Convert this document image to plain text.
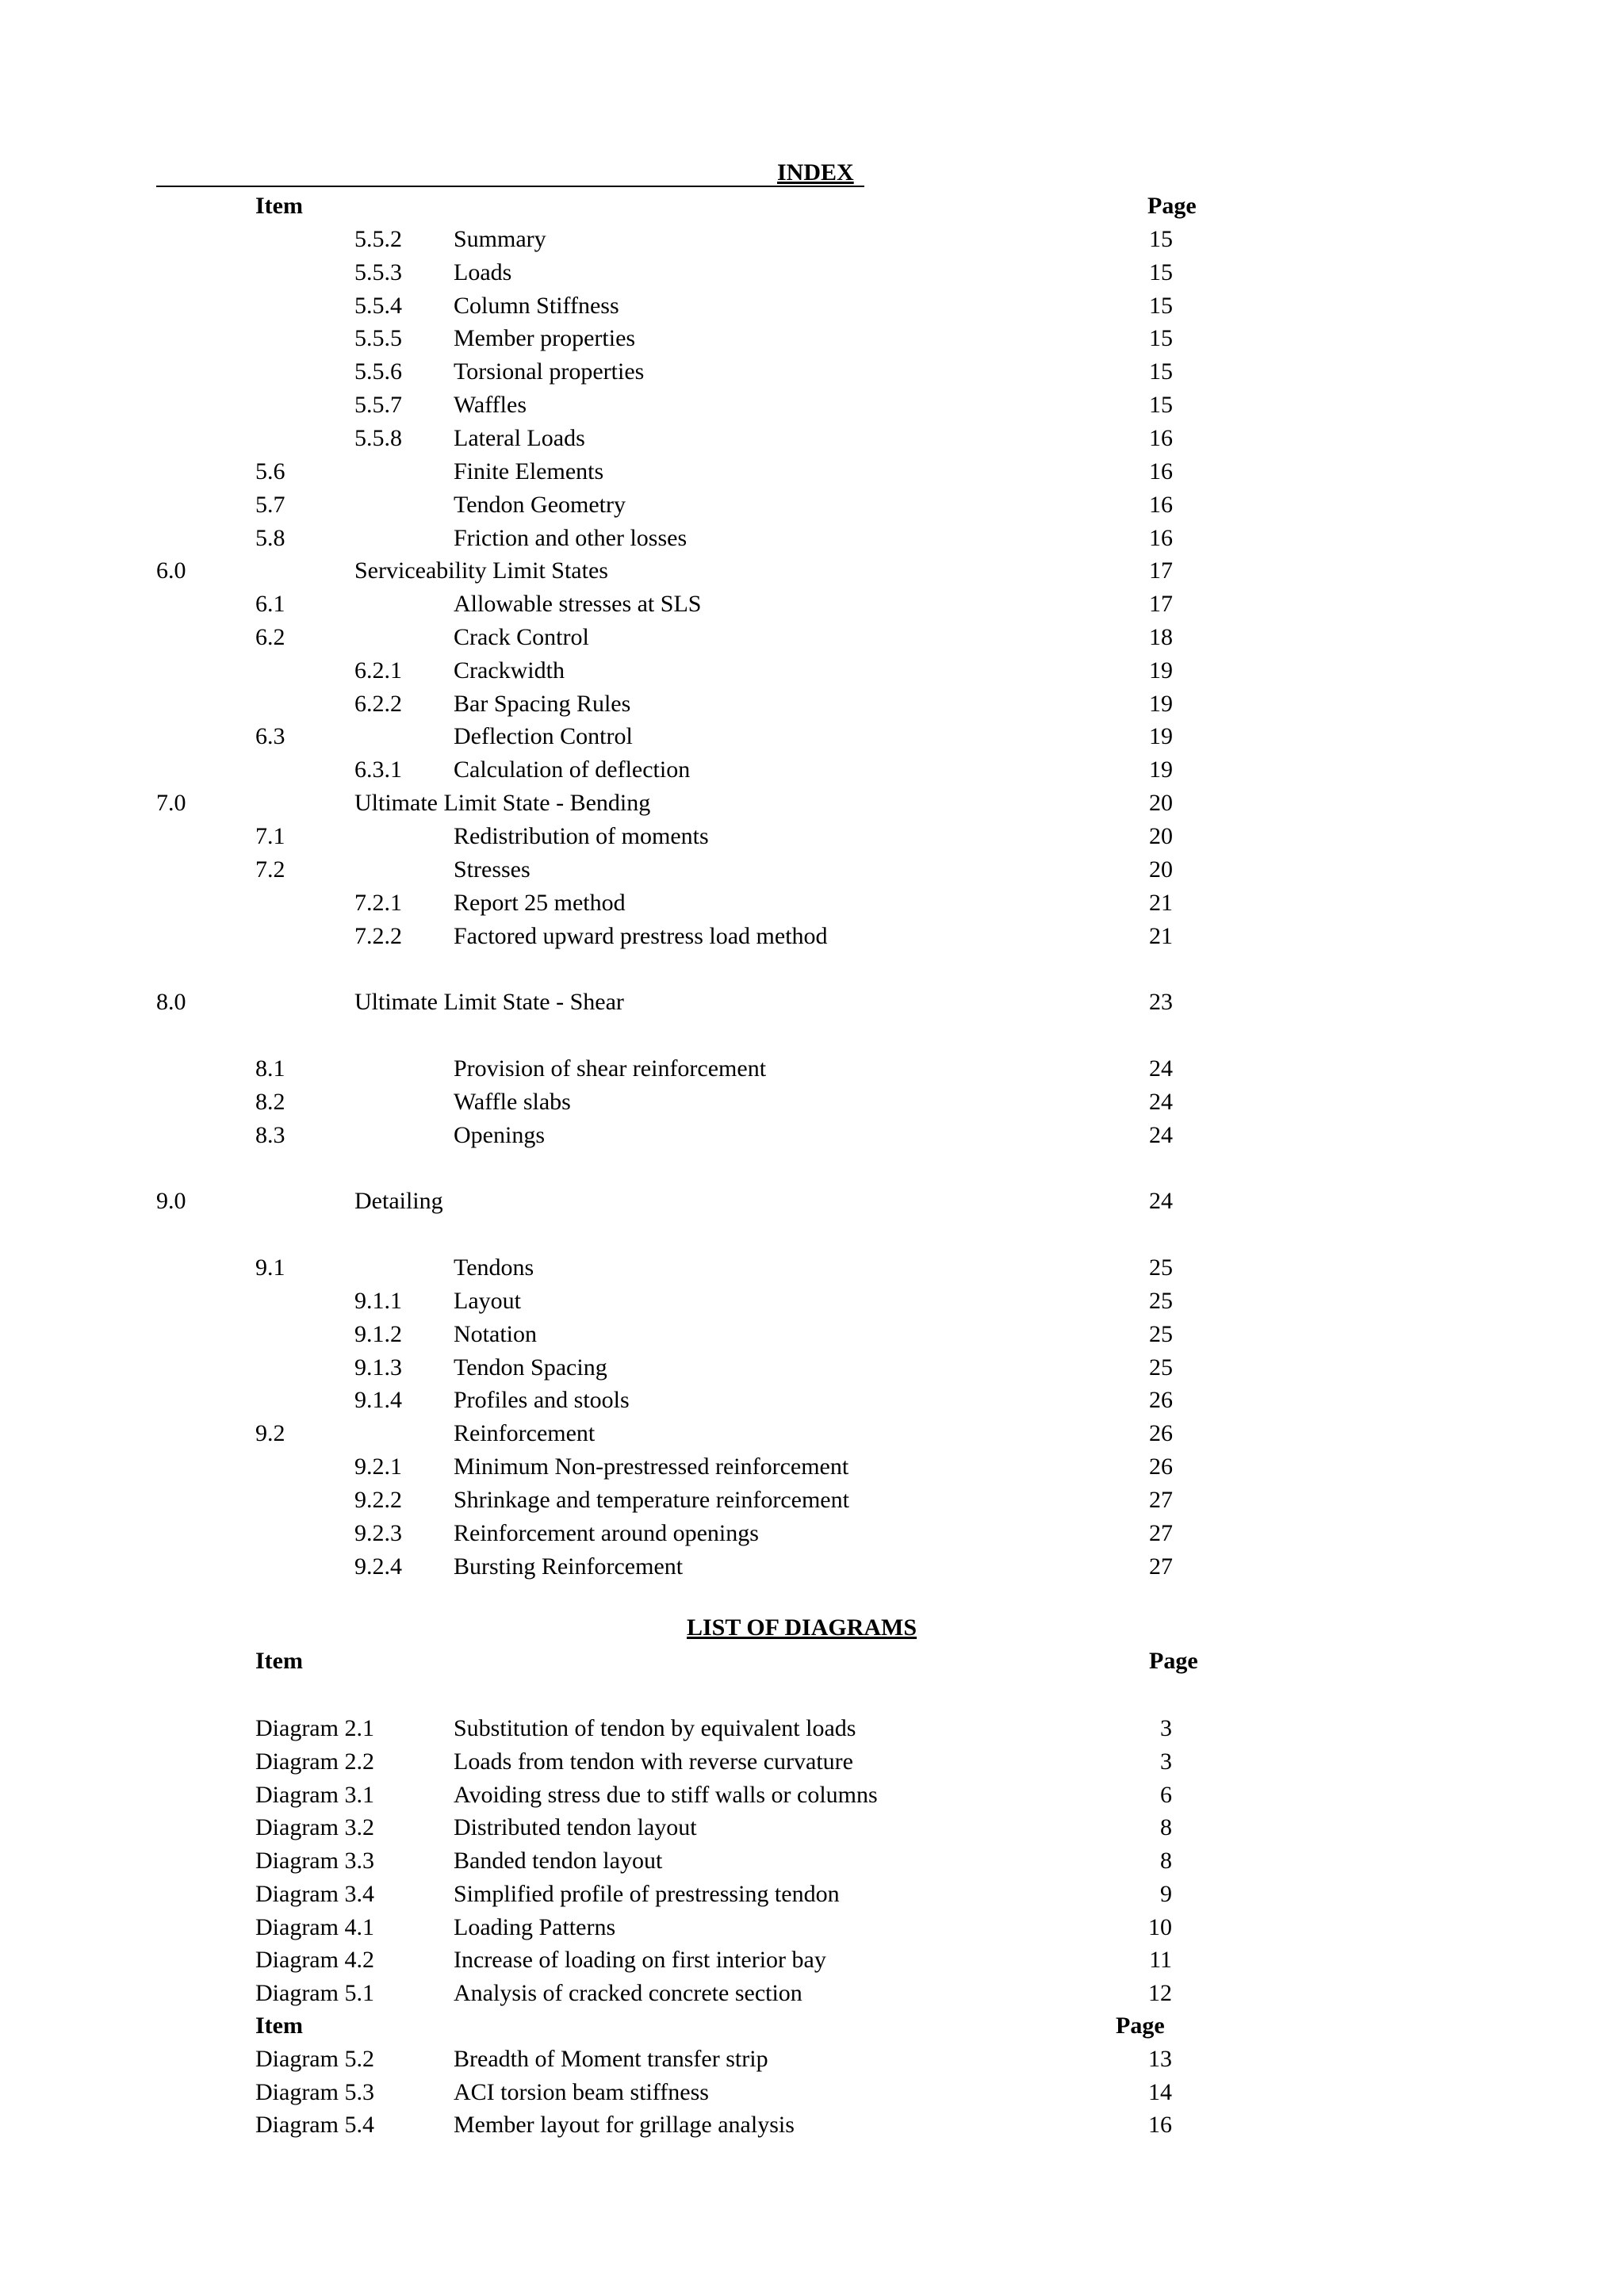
INDEX
Item	Page
5.5.2 Summary	15
5.5.3 Loads	15
5.5.4 Column Stiffness	15
5.5.5 Member properties	15
5.5.6 Torsional properties	15
5.5.7 Waffles	15
5.5.8 Lateral Loads	16
5.6	Finite Elements	16
5.7	Tendon Geometry	16
5.8	Friction and other losses	16
6.0	Serviceability Limit States	17
6.1	Allowable stresses at SLS	17
6.2	Crack Control	18
6.2.1 Crackwidth	19
6.2.2 Bar Spacing Rules	19
6.3	Deflection Control	19
6.3.1 Calculation of deflection	19
7.0	Ultimate Limit State - Bending	20
7.1	Redistribution of moments	20
7.2	Stresses	20
7.2.1 Report 25 method	21
7.2.2 Factored upward prestress load method	21
8.0	Ultimate Limit State - Shear	23
8.1	Provision of shear reinforcement	24
8.2	Waffle slabs	24
8.3	Openings	24
9.0	Detailing	24
9.1	Tendons	25
9.1.1 Layout	25
9.1.2 Notation	25
9.1.3 Tendon Spacing	25
9.1.4 Profiles and stools	26
9.2	Reinforcement	26
9.2.1 Minimum Non-prestressed reinforcement	26
9.2.2 Shrinkage and temperature reinforcement	27
9.2.3 Reinforcement around openings	27
9.2.4 Bursting Reinforcement	27
LIST OF DIAGRAMS
Item	Page
Diagram 2.1	Substitution of tendon by equivalent loads	3
Diagram 2.2	Loads from tendon with reverse curvature	3
Diagram 3.1	Avoiding stress due to stiff walls or columns	6
Diagram 3.2	Distributed tendon layout	8
Diagram 3.3	Banded tendon layout	8
Diagram 3.4	Simplified profile of prestressing tendon	9
Diagram 4.1	Loading Patterns	10
Diagram 4.2	Increase of loading on first interior bay	11
Diagram 5.1	Analysis of cracked concrete section	12
Diagram 5.2	Breadth of Moment transfer strip	13
Diagram 5.3	ACI torsion beam stiffness	14
Diagram 5.4	Member layout for grillage analysis	16
Item	Page
